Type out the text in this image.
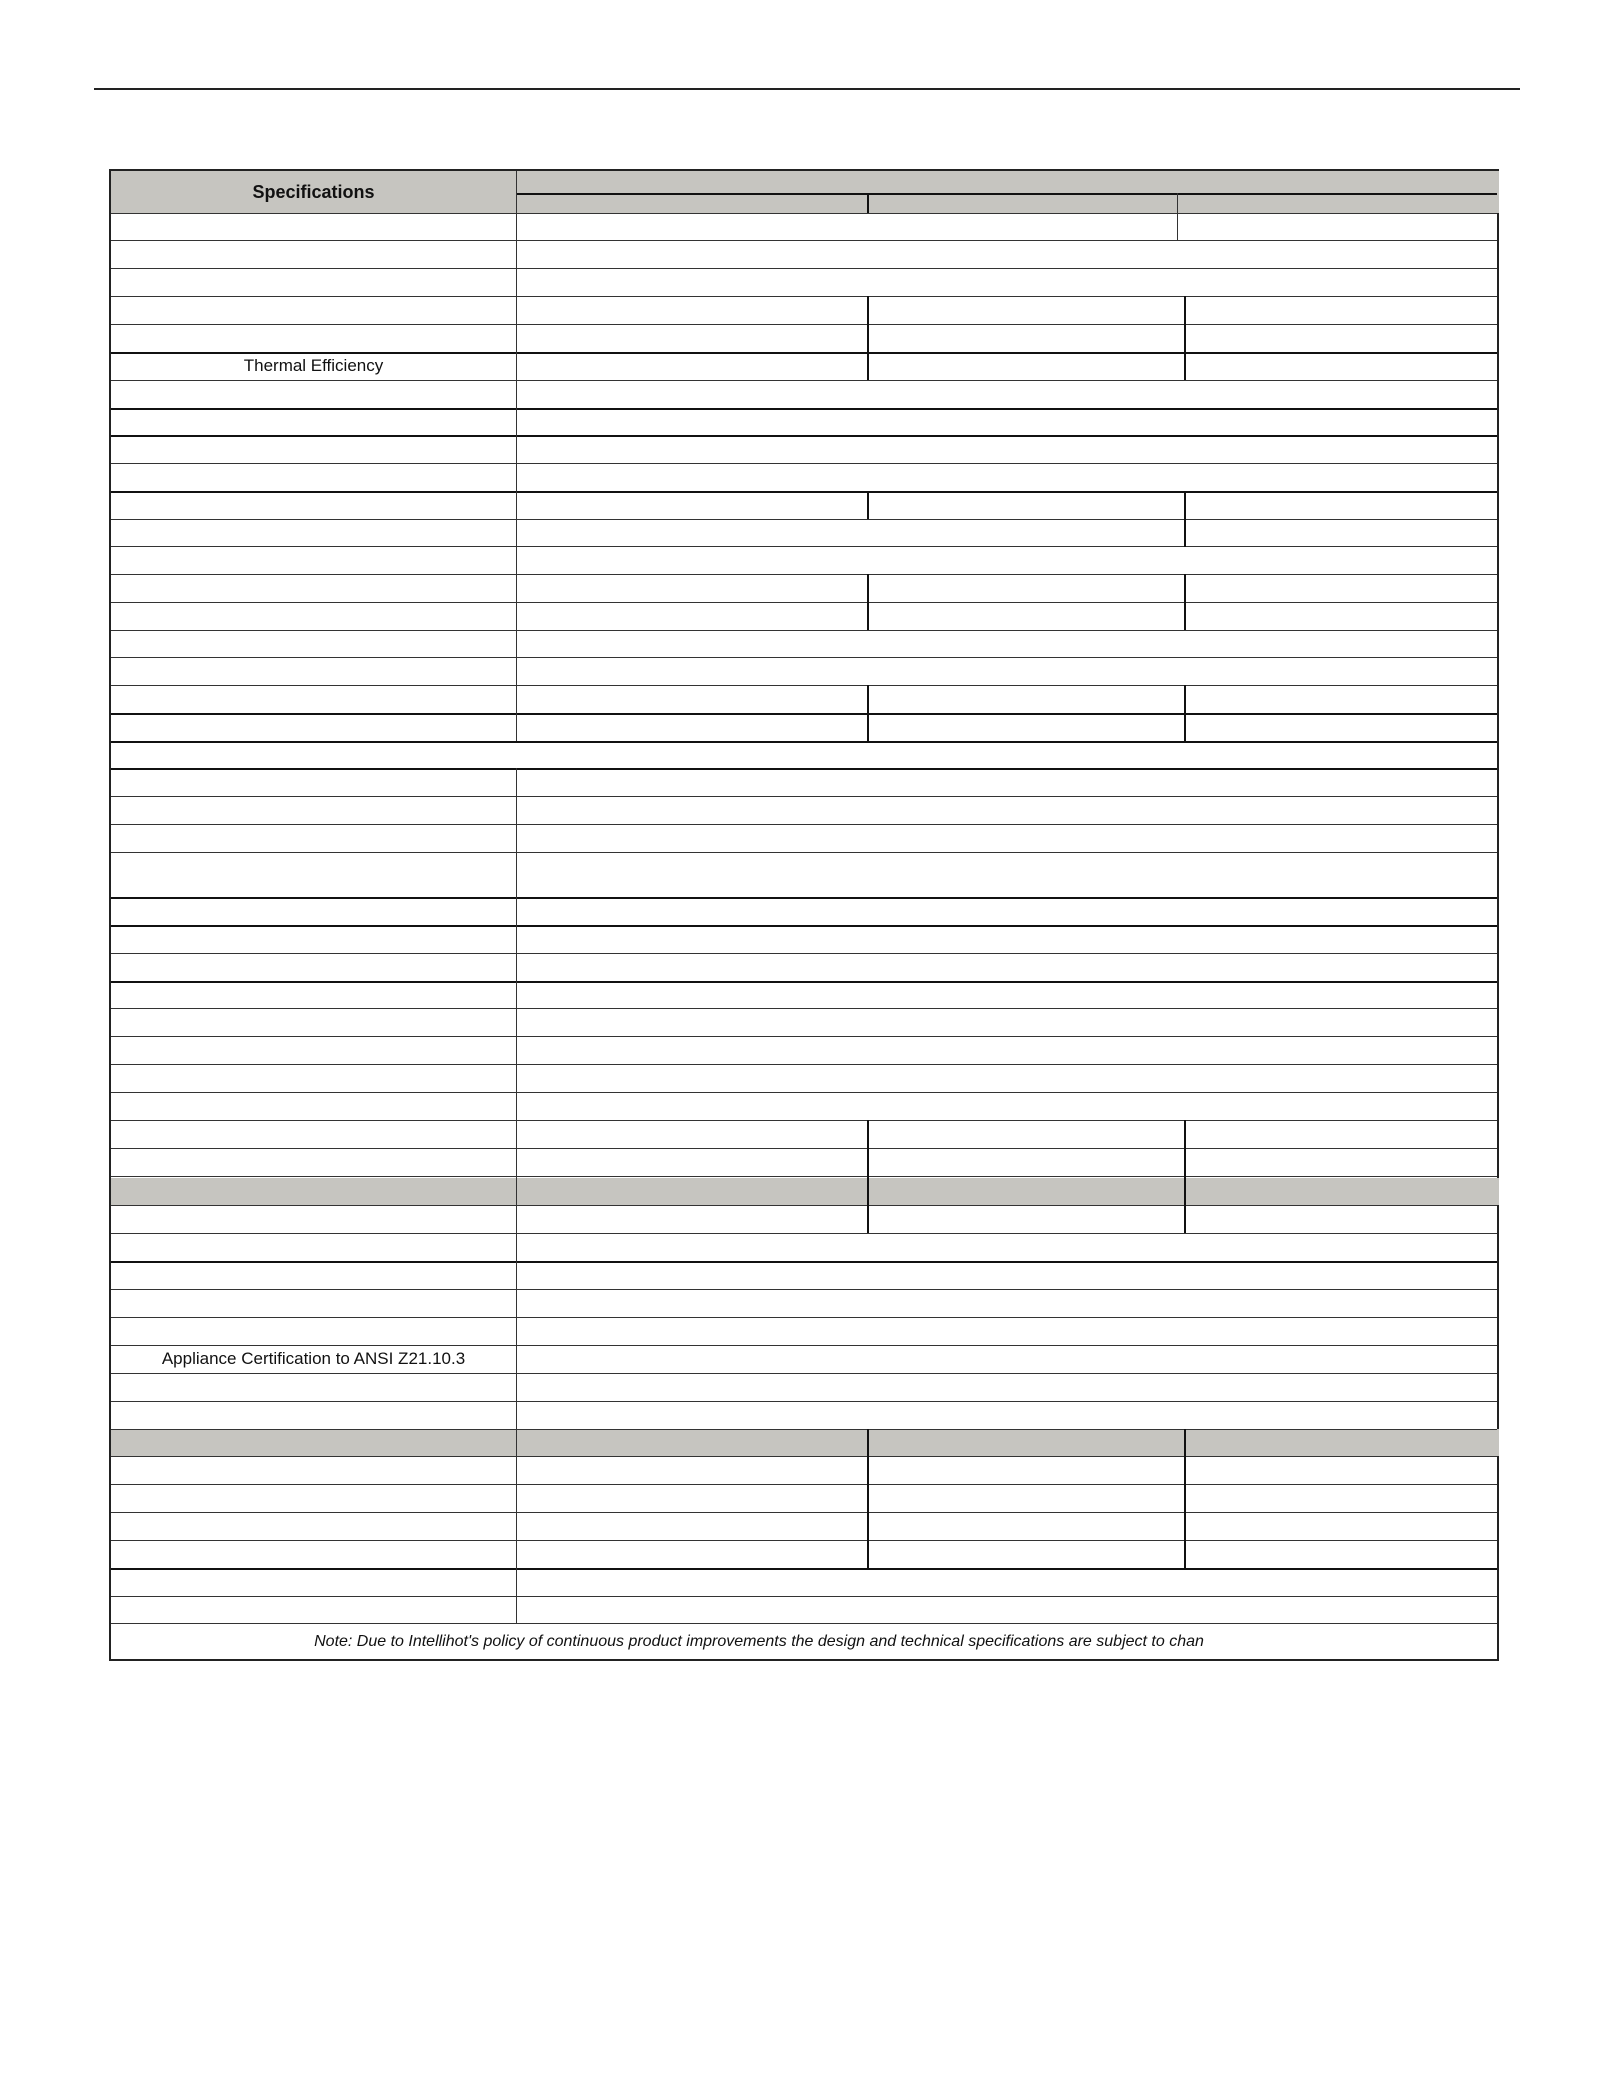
Specifications
Thermal Efficiency
Appliance Certification to ANSI Z21.10.3
Note: Due to Intellihot's policy of continuous product improvements the design and technical specifications are subject to chan
